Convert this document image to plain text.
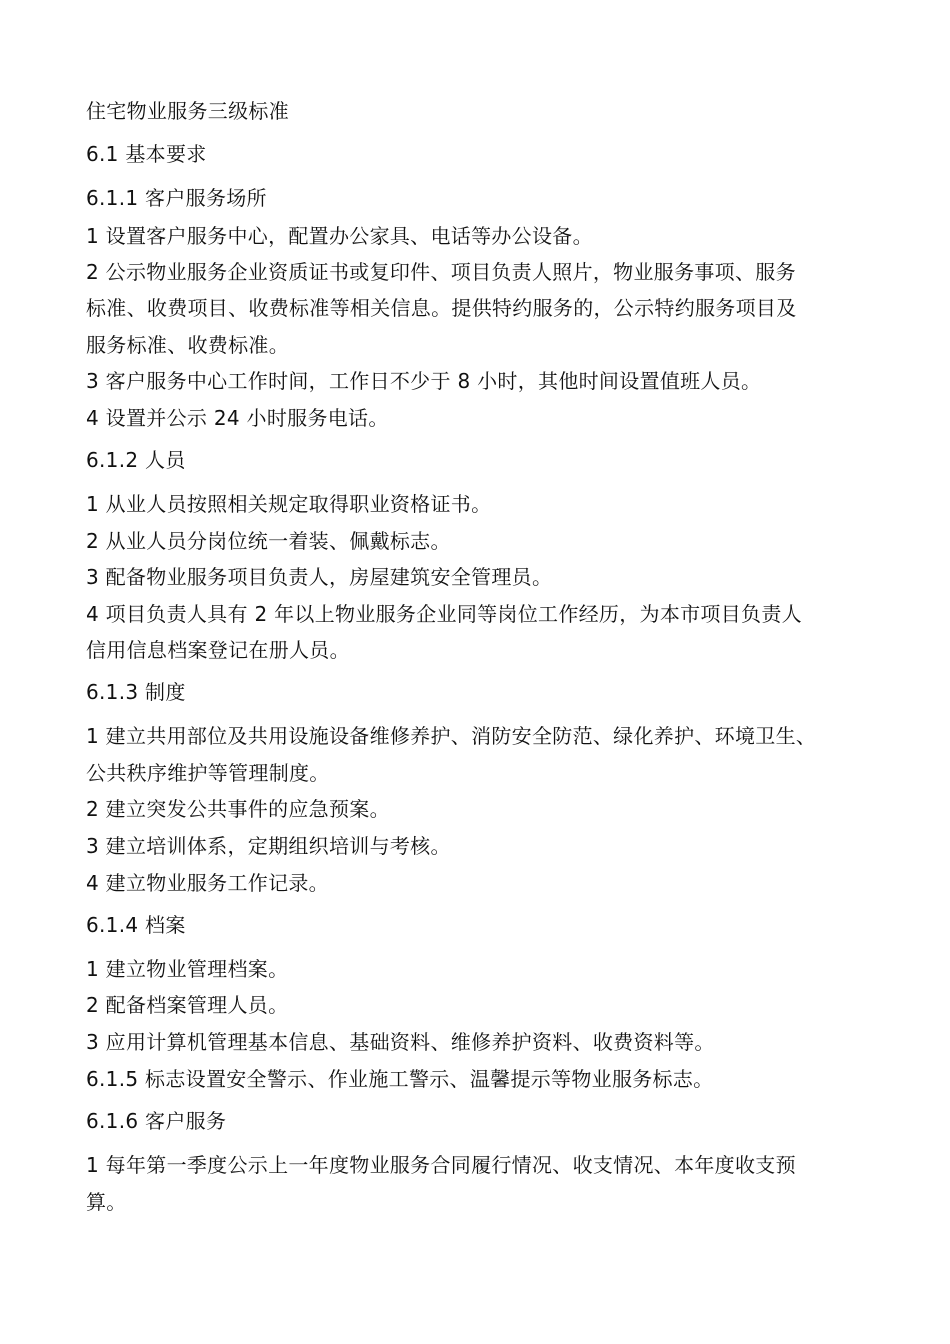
住宅物业服务三级标准
6.1 基本要求
6.1.1 客户服务场所
1 设置客户服务中心，配置办公家具、电话等办公设备。
2 公示物业服务企业资质证书或复印件、项目负责人照片，物业服务事项、服务
标准、收费项目、收费标准等相关信息。提供特约服务的，公示特约服务项目及
服务标准、收费标准。
3 客户服务中心工作时间，工作日不少于 8 小时，其他时间设置值班人员。
4 设置并公示 24 小时服务电话。
6.1.2 人员
1 从业人员按照相关规定取得职业资格证书。
2 从业人员分岗位统一着装、佩戴标志。
3 配备物业服务项目负责人，房屋建筑安全管理员。
4 项目负责人具有 2 年以上物业服务企业同等岗位工作经历，为本市项目负责人
信用信息档案登记在册人员。
6.1.3 制度
1 建立共用部位及共用设施设备维修养护、消防安全防范、绿化养护、环境卫生、
公共秩序维护等管理制度。
2 建立突发公共事件的应急预案。
3 建立培训体系，定期组织培训与考核。
4 建立物业服务工作记录。
6.1.4 档案
1 建立物业管理档案。
2 配备档案管理人员。
3 应用计算机管理基本信息、基础资料、维修养护资料、收费资料等。
6.1.5 标志设置安全警示、作业施工警示、温馨提示等物业服务标志。
6.1.6 客户服务
1 每年第一季度公示上一年度物业服务合同履行情况、收支情况、本年度收支预
算。
